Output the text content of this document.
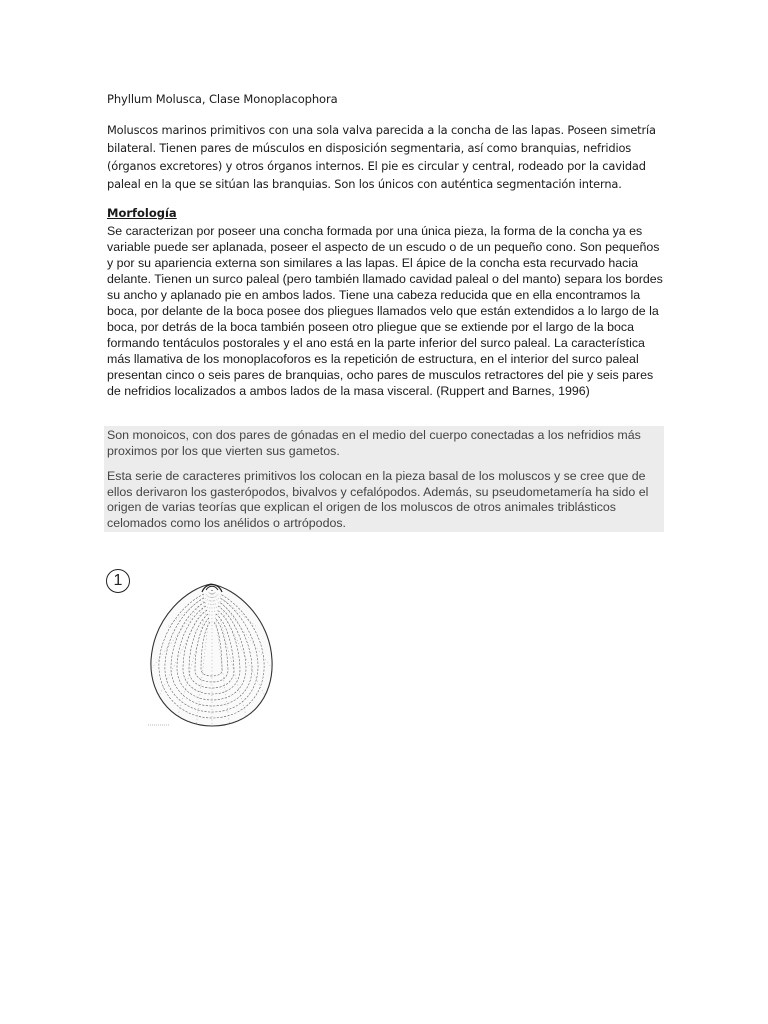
Phyllum Molusca, Clase Monoplacophora
Moluscos marinos primitivos con una sola valva parecida a la concha de las lapas. Poseen simetría bilateral. Tienen pares de músculos en disposición segmentaria, así como branquias, nefridios (órganos excretores) y otros órganos internos. El pie es circular y central, rodeado por la cavidad paleal en la que se sitúan las branquias. Son los únicos con auténtica segmentación interna.
Morfología
Se caracterizan por poseer una concha formada por una única pieza, la forma de la concha ya es variable puede ser aplanada, poseer el aspecto de un escudo o de un pequeño cono. Son pequeños y por su apariencia externa son similares a las lapas. El ápice de la concha esta recurvado hacia delante. Tienen un surco paleal (pero también llamado cavidad paleal o del manto) separa los bordes su ancho y aplanado pie en ambos lados. Tiene una cabeza reducida que en ella encontramos la boca, por delante de la boca posee dos pliegues llamados velo que están extendidos a lo largo de la boca, por detrás de la boca también poseen otro pliegue que se extiende por el largo de la boca formando tentáculos postorales y el ano está en la parte inferior del surco paleal. La característica más llamativa de los monoplacoforos es la repetición de estructura, en el interior del surco paleal presentan cinco o seis pares de branquias, ocho pares de musculos retractores del pie y seis pares de nefridios localizados a ambos lados de la masa visceral. (Ruppert and Barnes, 1996)

Son monoicos, con dos pares de gónadas en el medio del cuerpo conectadas a los nefridios más proximos por los que vierten sus gametos.

Esta serie de caracteres primitivos los colocan en la pieza basal de los moluscos y se cree que de ellos derivaron los gasterópodos, bivalvos y cefalópodos. Además, su pseudometamería ha sido el origen de varias teorías que explican el origen de los moluscos de otros animales triblásticos celomados como los anélidos o artrópodos.

1
